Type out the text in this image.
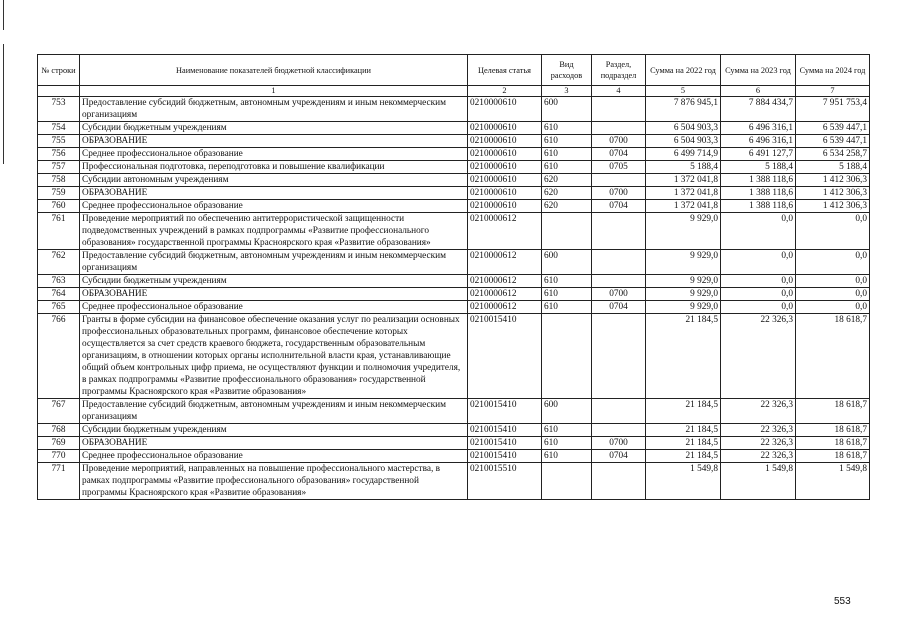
№ строки	Наименование показателей бюджетной классификации	Целевая статья	Вид расходов	Раздел, подраздел	Сумма на 2022 год	Сумма на 2023 год	Сумма на 2024 год
	1	2	3	4	5	6	7
753	Предоставление субсидий бюджетным, автономным учреждениям и иным некоммерческим организациям	0210000610	600		7 876 945,1	7 884 434,7	7 951 753,4
754	Субсидии бюджетным учреждениям	0210000610	610		6 504 903,3	6 496 316,1	6 539 447,1
755	ОБРАЗОВАНИЕ	0210000610	610	0700	6 504 903,3	6 496 316,1	6 539 447,1
756	Среднее профессиональное образование	0210000610	610	0704	6 499 714,9	6 491 127,7	6 534 258,7
757	Профессиональная подготовка, переподготовка и повышение квалификации	0210000610	610	0705	5 188,4	5 188,4	5 188,4
758	Субсидии автономным учреждениям	0210000610	620		1 372 041,8	1 388 118,6	1 412 306,3
759	ОБРАЗОВАНИЕ	0210000610	620	0700	1 372 041,8	1 388 118,6	1 412 306,3
760	Среднее профессиональное образование	0210000610	620	0704	1 372 041,8	1 388 118,6	1 412 306,3
761	Проведение мероприятий по обеспечению антитеррористической защищенности подведомственных учреждений в рамках подпрограммы «Развитие профессионального образования» государственной программы Красноярского края «Развитие образования»	0210000612			9 929,0	0,0	0,0
762	Предоставление субсидий бюджетным, автономным учреждениям и иным некоммерческим организациям	0210000612	600		9 929,0	0,0	0,0
763	Субсидии бюджетным учреждениям	0210000612	610		9 929,0	0,0	0,0
764	ОБРАЗОВАНИЕ	0210000612	610	0700	9 929,0	0,0	0,0
765	Среднее профессиональное образование	0210000612	610	0704	9 929,0	0,0	0,0
766	Гранты в форме субсидии на финансовое обеспечение оказания услуг по реализации основных профессиональных образовательных программ, финансовое обеспечение которых осуществляется за счет средств краевого бюджета, государственным образовательным организациям, в отношении которых органы исполнительной власти края, устанавливающие общий объем контрольных цифр приема, не осуществляют функции и полномочия учредителя, в рамках подпрограммы «Развитие профессионального образования» государственной программы Красноярского края «Развитие образования»	0210015410			21 184,5	22 326,3	18 618,7
767	Предоставление субсидий бюджетным, автономным учреждениям и иным некоммерческим организациям	0210015410	600		21 184,5	22 326,3	18 618,7
768	Субсидии бюджетным учреждениям	0210015410	610		21 184,5	22 326,3	18 618,7
769	ОБРАЗОВАНИЕ	0210015410	610	0700	21 184,5	22 326,3	18 618,7
770	Среднее профессиональное образование	0210015410	610	0704	21 184,5	22 326,3	18 618,7
771	Проведение мероприятий, направленных на повышение профессионального мастерства, в рамках подпрограммы «Развитие профессионального образования» государственной программы Красноярского края «Развитие образования»	0210015510			1 549,8	1 549,8	1 549,8
553
